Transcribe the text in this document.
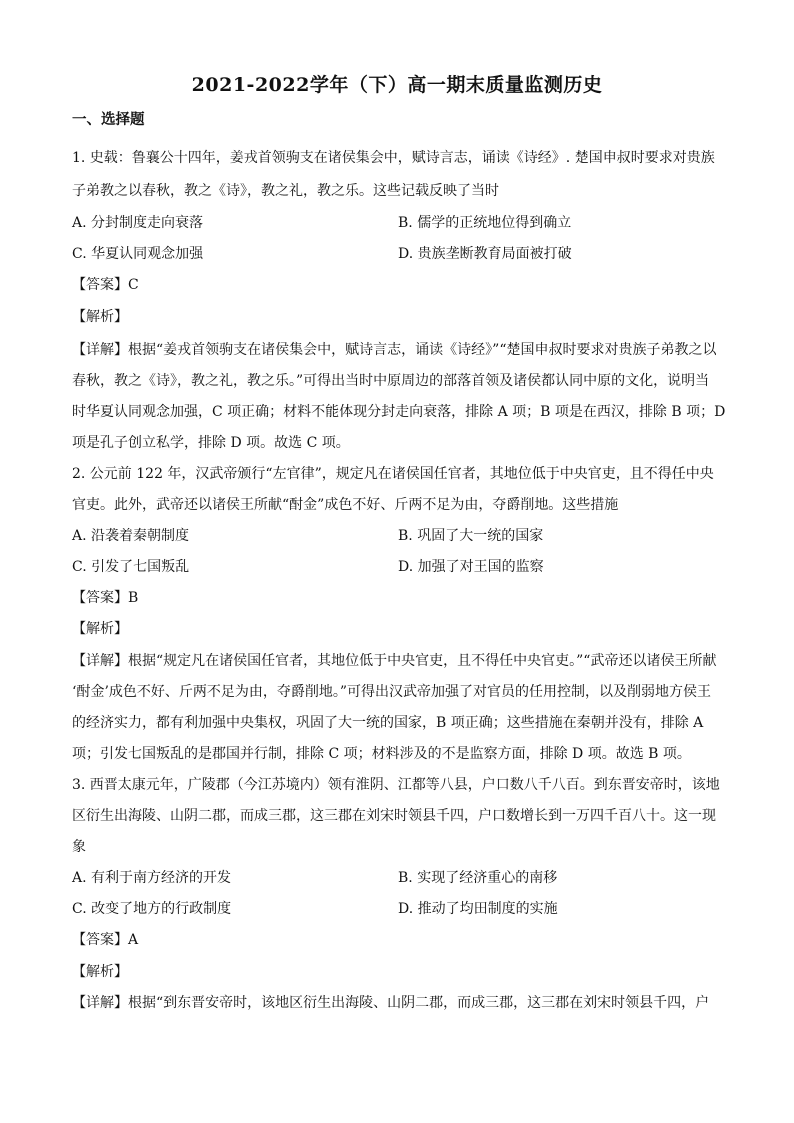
2021-2022学年（下）高一期末质量监测历史
一、选择题
1. 史载：鲁襄公十四年，姜戎首领驹支在诸侯集会中，赋诗言志，诵读《诗经》. 楚国申叔时要求对贵族
子弟教之以春秋，教之《诗》，教之礼，教之乐。这些记载反映了当时
A. 分封制度走向衰落	B. 儒学的正统地位得到确立
C. 华夏认同观念加强	D. 贵族垄断教育局面被打破
【答案】C
【解析】
【详解】根据“姜戎首领驹支在诸侯集会中，赋诗言志，诵读《诗经》”“楚国申叔时要求对贵族子弟教之以
春秋，教之《诗》，教之礼，教之乐。”可得出当时中原周边的部落首领及诸侯都认同中原的文化，说明当
时华夏认同观念加强，C 项正确；材料不能体现分封走向衰落，排除 A 项；B 项是在西汉，排除 B 项；D
项是孔子创立私学，排除 D 项。故选 C 项。
2. 公元前 122 年，汉武帝颁行“左官律”，规定凡在诸侯国任官者，其地位低于中央官吏，且不得任中央
官吏。此外，武帝还以诸侯王所献“酎金”成色不好、斤两不足为由，夺爵削地。这些措施
A. 沿袭着秦朝制度	B. 巩固了大一统的国家
C. 引发了七国叛乱	D. 加强了对王国的监察
【答案】B
【解析】
【详解】根据“规定凡在诸侯国任官者，其地位低于中央官吏，且不得任中央官吏。”“武帝还以诸侯王所献
‘酎金’成色不好、斤两不足为由，夺爵削地。”可得出汉武帝加强了对官员的任用控制，以及削弱地方侯王
的经济实力，都有利加强中央集权，巩固了大一统的国家，B 项正确；这些措施在秦朝并没有，排除 A
项；引发七国叛乱的是郡国并行制，排除 C 项；材料涉及的不是监察方面，排除 D 项。故选 B 项。
3. 西晋太康元年，广陵郡（今江苏境内）领有淮阴、江都等八县，户口数八千八百。到东晋安帝时，该地
区衍生出海陵、山阴二郡，而成三郡，这三郡在刘宋时领县千四，户口数增长到一万四千百八十。这一现
象
A. 有利于南方经济的开发	B. 实现了经济重心的南移
C. 改变了地方的行政制度	D. 推动了均田制度的实施
【答案】A
【解析】
【详解】根据“到东晋安帝时，该地区衍生出海陵、山阴二郡，而成三郡，这三郡在刘宋时领县千四，户
